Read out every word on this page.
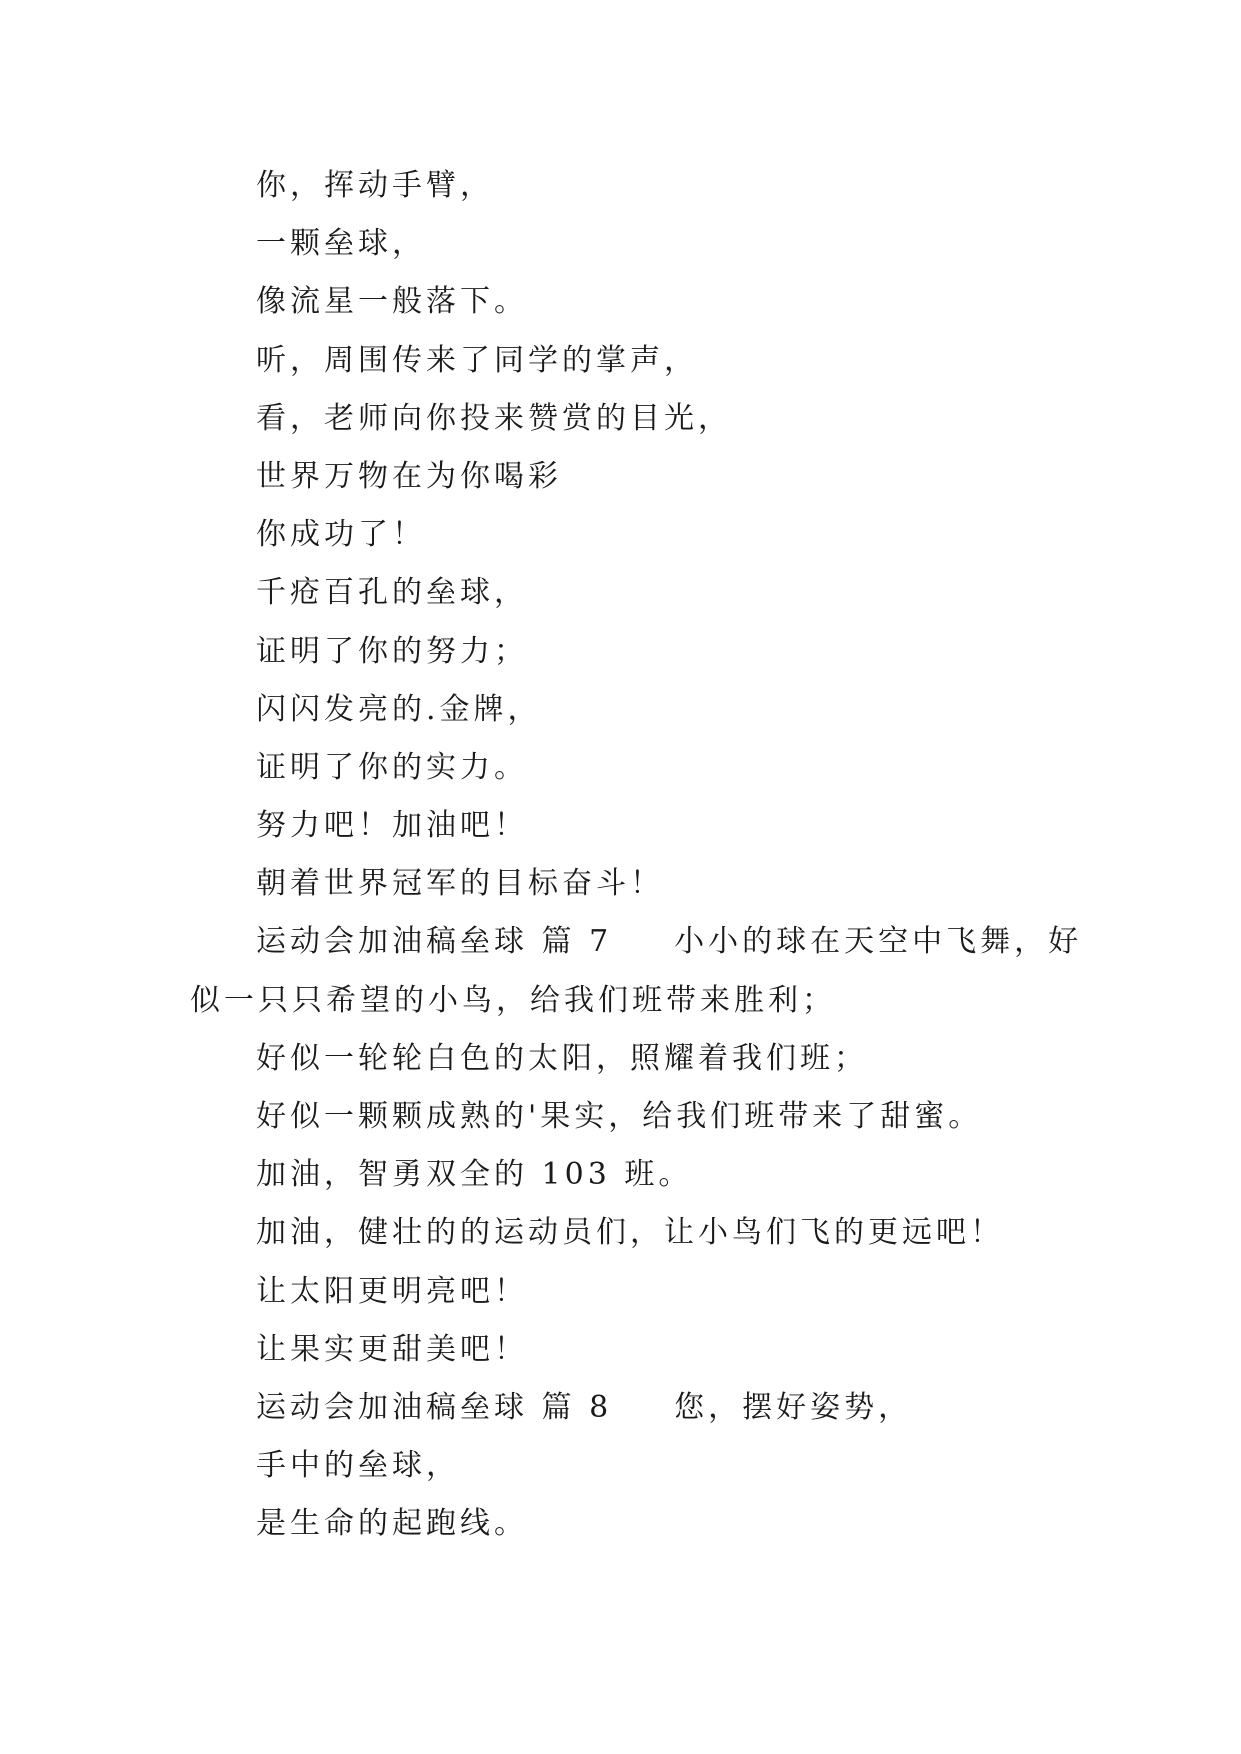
你，挥动手臂，
一颗垒球，
像流星一般落下。
听，周围传来了同学的掌声，
看，老师向你投来赞赏的目光，
世界万物在为你喝彩
你成功了！
千疮百孔的垒球，
证明了你的努力；
闪闪发亮的.金牌，
证明了你的实力。
努力吧！加油吧！
朝着世界冠军的目标奋斗！
运动会加油稿垒球 篇 7 小小的球在天空中飞舞，好
似一只只希望的小鸟，给我们班带来胜利；
好似一轮轮白色的太阳，照耀着我们班；
好似一颗颗成熟的'果实，给我们班带来了甜蜜。
加油，智勇双全的 103 班。
加油，健壮的的运动员们，让小鸟们飞的更远吧！
让太阳更明亮吧！
让果实更甜美吧！
运动会加油稿垒球 篇 8 您，摆好姿势，
手中的垒球，
是生命的起跑线。
